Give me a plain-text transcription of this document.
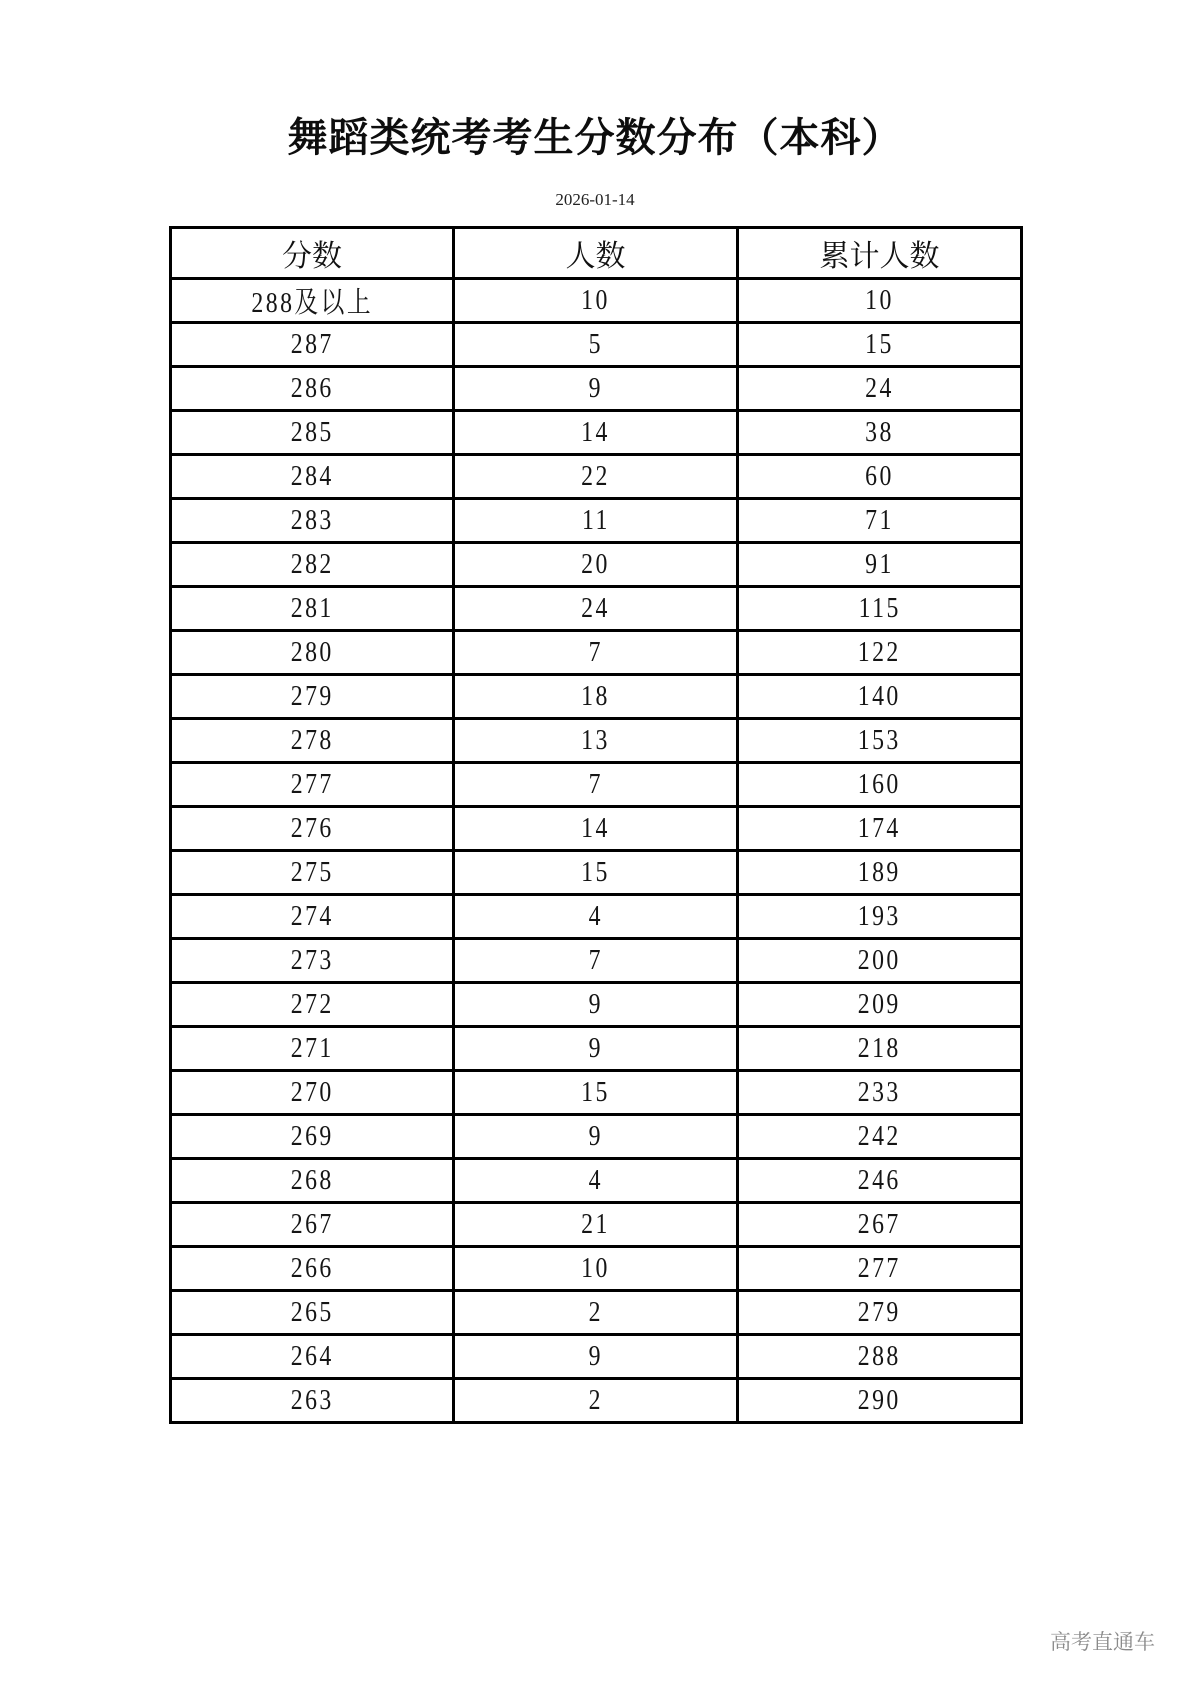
舞蹈类统考考生分数分布（本科）
2026-01-14
分数	人数	累计人数
288及以上	10	10
287	5	15
286	9	24
285	14	38
284	22	60
283	11	71
282	20	91
281	24	115
280	7	122
279	18	140
278	13	153
277	7	160
276	14	174
275	15	189
274	4	193
273	7	200
272	9	209
271	9	218
270	15	233
269	9	242
268	4	246
267	21	267
266	10	277
265	2	279
264	9	288
263	2	290
高考直通车
